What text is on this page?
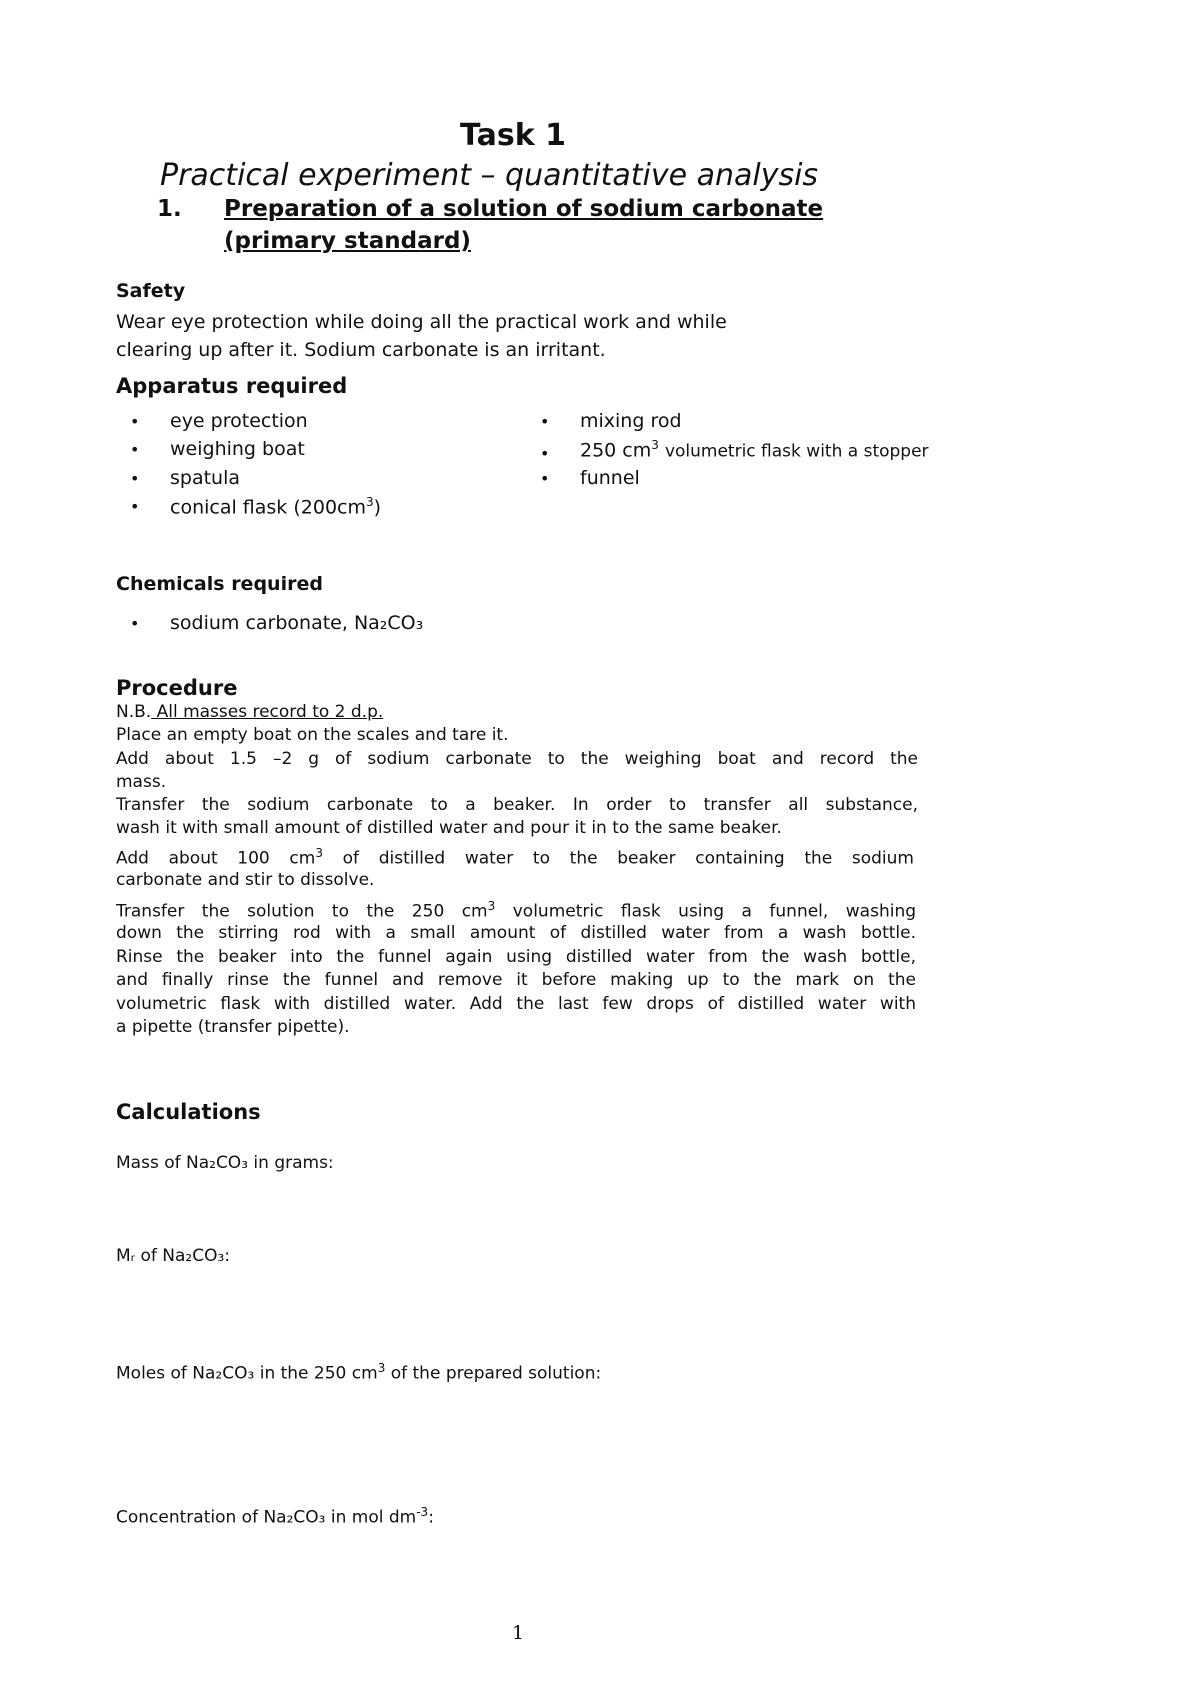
Task 1
Practical experiment – quantitative analysis
1. Preparation of a solution of sodium carbonate
(primary standard)
Safety
Wear eye protection while doing all the practical work and while
clearing up after it. Sodium carbonate is an irritant.
Apparatus required
• eye protection
• weighing boat
• spatula
• conical flask $(200cm^3)$
• mixing rod
• 250 $cm^3$ volumetric flask with a stopper
• funnel
Chemicals required
• sodium carbonate, Na₂CO₃
Procedure
N.B. All masses record to 2 d.p.
Place an empty boat on the scales and tare it.
Add about 1.5 –2 g of sodium carbonate to the weighing boat and record the
mass.
Transfer the sodium carbonate to a beaker. In order to transfer all substance,
wash it with small amount of distilled water and pour it in to the same beaker.
Add about 100 $cm^3$ of distilled water to the beaker containing the sodium
carbonate and stir to dissolve.
Transfer the solution to the 250 $cm^3$ volumetric flask using a funnel, washing
down the stirring rod with a small amount of distilled water from a wash bottle.
Rinse the beaker into the funnel again using distilled water from the wash bottle,
and finally rinse the funnel and remove it before making up to the mark on the
volumetric flask with distilled water. Add the last few drops of distilled water with
a pipette (transfer pipette).
Calculations
Mass of Na₂CO₃ in grams:
Mᵣ of Na₂CO₃:
Moles of Na₂CO₃ in the 250 $cm^3$ of the prepared solution:
Concentration of Na₂CO₃ in mol $dm^{-3}$:
1
